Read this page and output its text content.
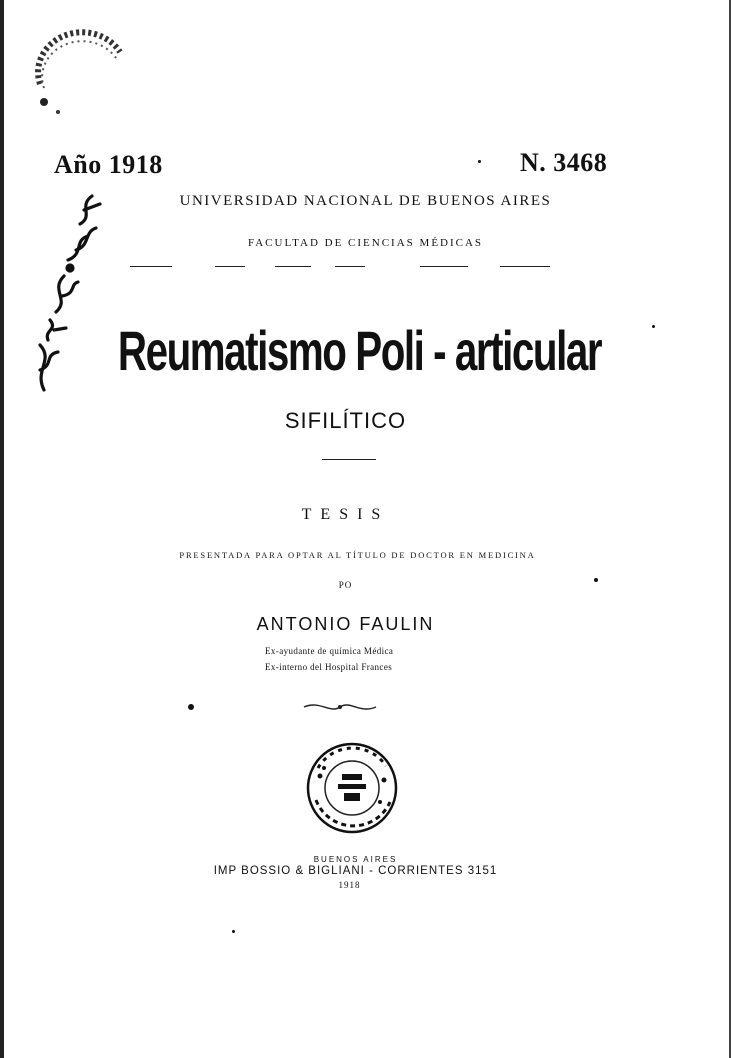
Año 1918	N. 3468
UNIVERSIDAD NACIONAL DE BUENOS AIRES
FACULTAD DE CIENCIAS MÉDICAS
Reumatismo Poli - articular
SIFILÍTICO
TESIS
PRESENTADA PARA OPTAR AL TÍTULO DE DOCTOR EN MEDICINA
PO
ANTONIO FAULIN
Ex-ayudante de química Médica
Ex-interno del Hospital Frances
BUENOS AIRES
IMP BOSSIO & BIGLIANI - CORRIENTES 3151
1918
